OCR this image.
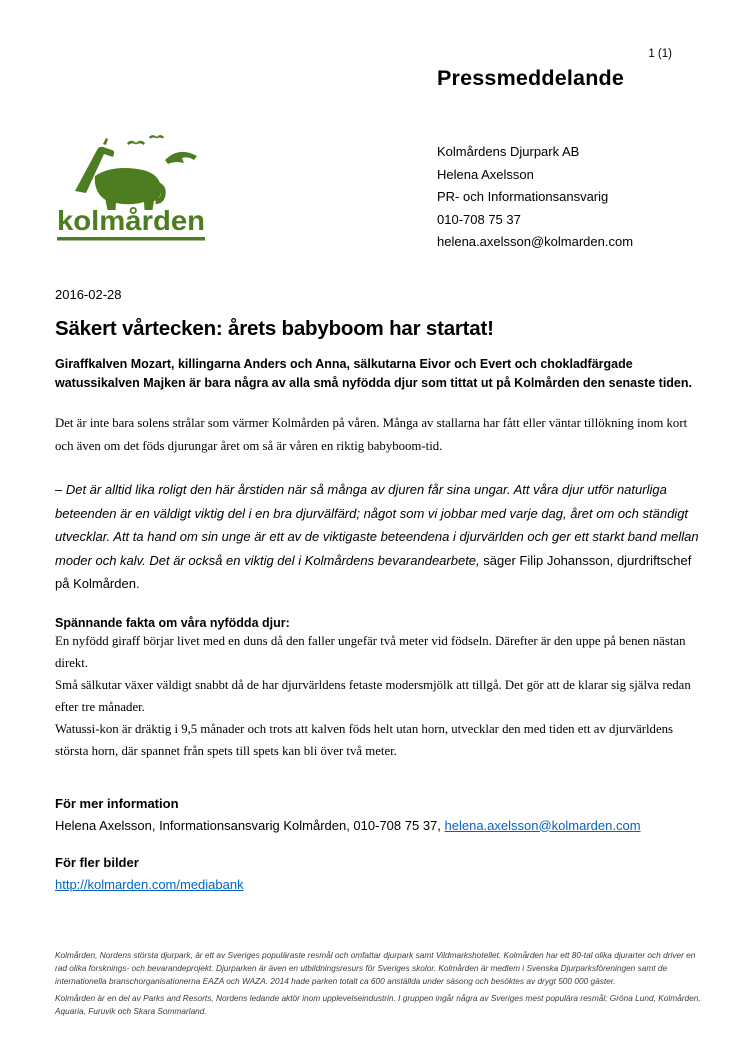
1 (1)
Pressmeddelande
kolmården
Kolmårdens Djurpark AB
Helena Axelsson
PR- och Informationsansvarig
010-708 75 37
helena.axelsson@kolmarden.com
2016-02-28
Säkert vårtecken: årets babyboom har startat!

Giraffkalven Mozart, killingarna Anders och Anna, sälkutarna Eivor och Evert och chokladfärgade watussikalven Majken är bara några av alla små nyfödda djur som tittat ut på Kolmården den senaste tiden.

Det är inte bara solens strålar som värmer Kolmården på våren. Många av stallarna har fått eller väntar tillökning inom kort och även om det föds djurungar året om så är våren en riktig babyboom-tid.

– Det är alltid lika roligt den här årstiden när så många av djuren får sina ungar. Att våra djur utför naturliga beteenden är en väldigt viktig del i en bra djurvälfärd; något som vi jobbar med varje dag, året om och ständigt utvecklar. Att ta hand om sin unge är ett av de viktigaste beteendena i djurvärlden och ger ett starkt band mellan moder och kalv. Det är också en viktig del i Kolmårdens bevarandearbete, säger Filip Johansson, djurdriftschef på Kolmården.

Spännande fakta om våra nyfödda djur:

En nyfödd giraff börjar livet med en duns då den faller ungefär två meter vid födseln. Därefter är den uppe på benen nästan direkt.

Små sälkutar växer väldigt snabbt då de har djurvärldens fetaste modersmjölk att tillgå. Det gör att de klarar sig själva redan efter tre månader.

Watussi-kon är dräktig i 9,5 månader och trots att kalven föds helt utan horn, utvecklar den med tiden ett av djurvärldens största horn, där spannet från spets till spets kan bli över två meter.

För mer information

Helena Axelsson, Informationsansvarig Kolmården, 010-708 75 37, helena.axelsson@kolmarden.com

För fler bilder

http://kolmarden.com/mediabank

Kolmården, Nordens största djurpark, är ett av Sveriges populäraste resmål och omfattar djurpark samt Vildmarkshotellet. Kolmården har ett 80-tal olika djurarter och driver en rad olika forsknings- och bevarandeprojekt. Djurparken är även en utbildningsresurs för Sveriges skolor. Kolmården är medlem i Svenska Djurparksföreningen samt de internationella branschorganisationerna EAZA och WAZA. 2014 hade parken totalt ca 600 anställda under säsong och besöktes av drygt 500 000 gäster.

Kolmården är en del av Parks and Resorts, Nordens ledande aktör inom upplevelseindustrin. I gruppen ingår några av Sveriges mest populära resmål; Gröna Lund, Kolmården, Aquaria, Furuvik och Skara Sommarland.
